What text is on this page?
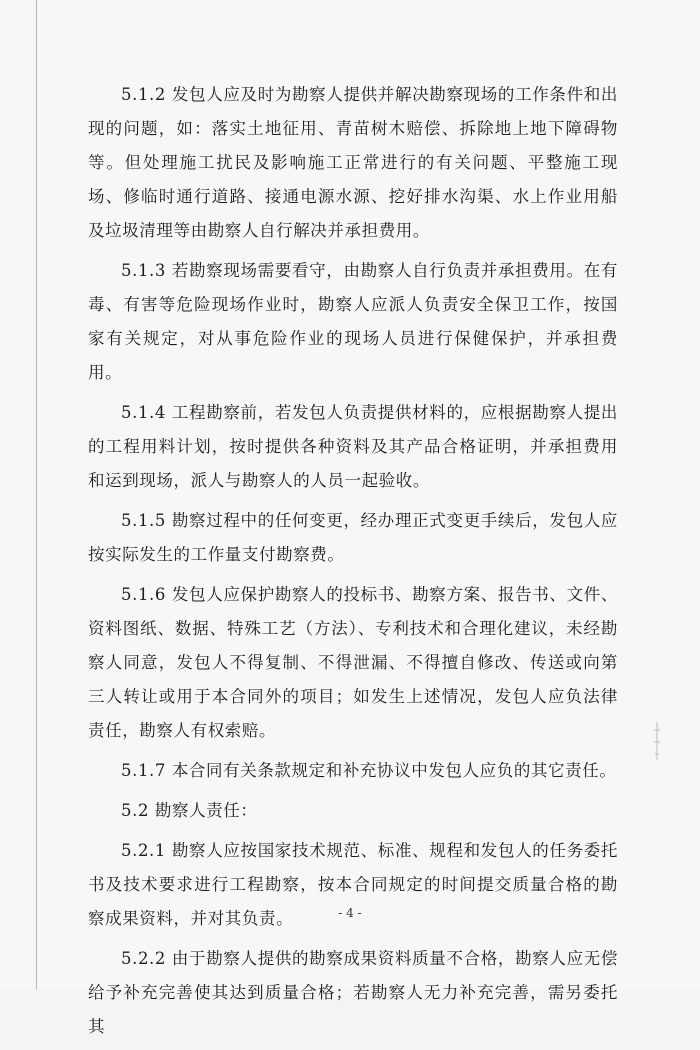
5.1.2 发包人应及时为勘察人提供并解决勘察现场的工作条件和出现的问题，如：落实土地征用、青苗树木赔偿、拆除地上地下障碍物等。但处理施工扰民及影响施工正常进行的有关问题、平整施工现场、修临时通行道路、接通电源水源、挖好排水沟渠、水上作业用船及垃圾清理等由勘察人自行解决并承担费用。

5.1.3 若勘察现场需要看守，由勘察人自行负责并承担费用。在有毒、有害等危险现场作业时，勘察人应派人负责安全保卫工作，按国家有关规定，对从事危险作业的现场人员进行保健保护，并承担费用。

5.1.4 工程勘察前，若发包人负责提供材料的，应根据勘察人提出的工程用料计划，按时提供各种资料及其产品合格证明，并承担费用和运到现场，派人与勘察人的人员一起验收。

5.1.5 勘察过程中的任何变更，经办理正式变更手续后，发包人应按实际发生的工作量支付勘察费。

5.1.6 发包人应保护勘察人的投标书、勘察方案、报告书、文件、资料图纸、数据、特殊工艺（方法）、专利技术和合理化建议，未经勘察人同意，发包人不得复制、不得泄漏、不得擅自修改、传送或向第三人转让或用于本合同外的项目；如发生上述情况，发包人应负法律责任，勘察人有权索赔。

5.1.7 本合同有关条款规定和补充协议中发包人应负的其它责任。

5.2 勘察人责任：

5.2.1 勘察人应按国家技术规范、标准、规程和发包人的任务委托书及技术要求进行工程勘察，按本合同规定的时间提交质量合格的勘察成果资料，并对其负责。

5.2.2 由于勘察人提供的勘察成果资料质量不合格，勘察人应无偿给予补充完善使其达到质量合格；若勘察人无力补充完善，需另委托其

- 4 -
